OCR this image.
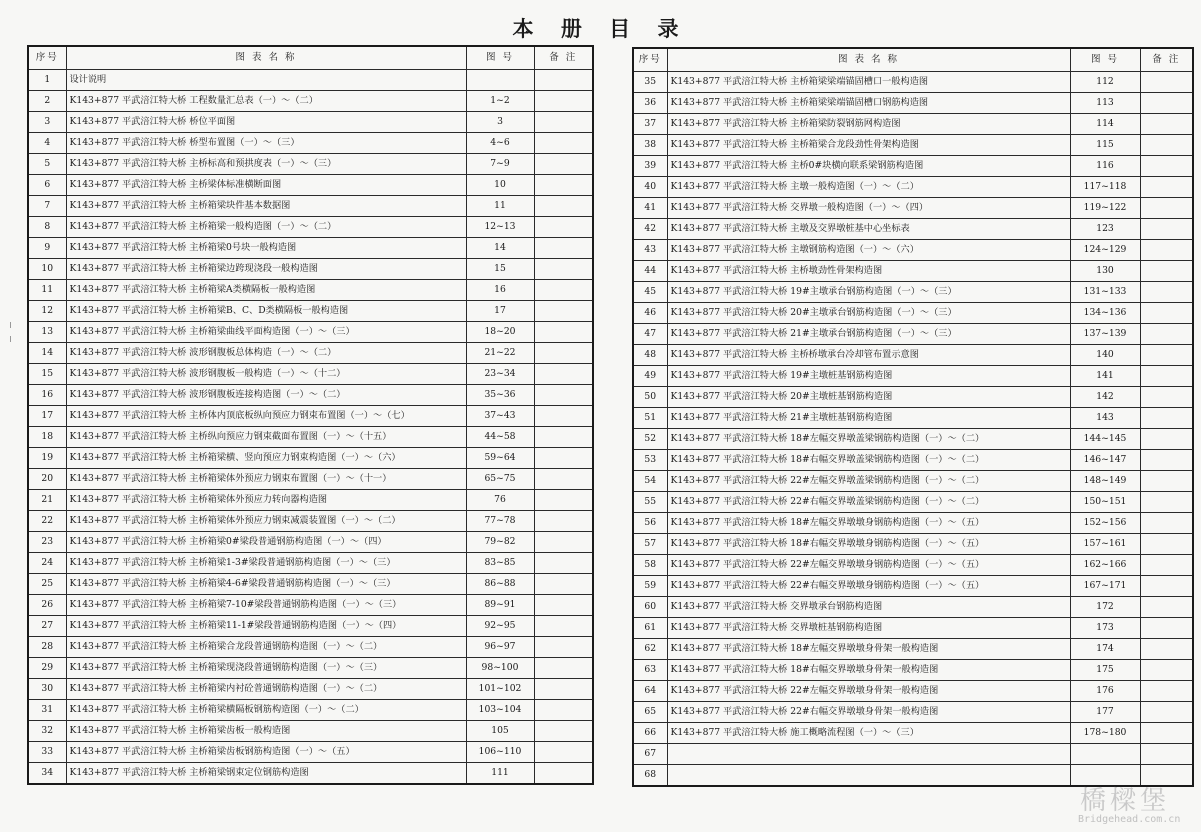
本 册 目 录
序号	图 表 名 称	图 号	备 注
1	设计说明		
2	K143+877 平武涪江特大桥 工程数量汇总表（一）～（二）	1~2	
3	K143+877 平武涪江特大桥 桥位平面图	3	
4	K143+877 平武涪江特大桥 桥型布置图（一）～（三）	4~6	
5	K143+877 平武涪江特大桥 主桥标高和预拱度表（一）～（三）	7~9	
6	K143+877 平武涪江特大桥 主桥梁体标准横断面图	10	
7	K143+877 平武涪江特大桥 主桥箱梁块件基本数据图	11	
8	K143+877 平武涪江特大桥 主桥箱梁一般构造图（一）～（二）	12~13	
9	K143+877 平武涪江特大桥 主桥箱梁0号块一般构造图	14	
10	K143+877 平武涪江特大桥 主桥箱梁边跨现浇段一般构造图	15	
11	K143+877 平武涪江特大桥 主桥箱梁A类横隔板一般构造图	16	
12	K143+877 平武涪江特大桥 主桥箱梁B、C、D类横隔板一般构造图	17	
13	K143+877 平武涪江特大桥 主桥箱梁曲线平面构造图（一）～（三）	18~20	
14	K143+877 平武涪江特大桥 波形钢腹板总体构造（一）～（二）	21~22	
15	K143+877 平武涪江特大桥 波形钢腹板一般构造（一）～（十二）	23~34	
16	K143+877 平武涪江特大桥 波形钢腹板连接构造图（一）～（二）	35~36	
17	K143+877 平武涪江特大桥 主桥体内顶底板纵向预应力钢束布置图（一）～（七）	37~43	
18	K143+877 平武涪江特大桥 主桥纵向预应力钢束截面布置图（一）～（十五）	44~58	
19	K143+877 平武涪江特大桥 主桥箱梁横、竖向预应力钢束构造图（一）～（六）	59~64	
20	K143+877 平武涪江特大桥 主桥箱梁体外预应力钢束布置图（一）～（十一）	65~75	
21	K143+877 平武涪江特大桥 主桥箱梁体外预应力转向器构造图	76	
22	K143+877 平武涪江特大桥 主桥箱梁体外预应力钢束减震装置图（一）～（二）	77~78	
23	K143+877 平武涪江特大桥 主桥箱梁0#梁段普通钢筋构造图（一）～（四）	79~82	
24	K143+877 平武涪江特大桥 主桥箱梁1-3#梁段普通钢筋构造图（一）～（三）	83~85	
25	K143+877 平武涪江特大桥 主桥箱梁4-6#梁段普通钢筋构造图（一）～（三）	86~88	
26	K143+877 平武涪江特大桥 主桥箱梁7-10#梁段普通钢筋构造图（一）～（三）	89~91	
27	K143+877 平武涪江特大桥 主桥箱梁11-1#梁段普通钢筋构造图（一）～（四）	92~95	
28	K143+877 平武涪江特大桥 主桥箱梁合龙段普通钢筋构造图（一）～（二）	96~97	
29	K143+877 平武涪江特大桥 主桥箱梁现浇段普通钢筋构造图（一）～（三）	98~100	
30	K143+877 平武涪江特大桥 主桥箱梁内衬砼普通钢筋构造图（一）～（二）	101~102	
31	K143+877 平武涪江特大桥 主桥箱梁横隔板钢筋构造图（一）～（二）	103~104	
32	K143+877 平武涪江特大桥 主桥箱梁齿板一般构造图	105	
33	K143+877 平武涪江特大桥 主桥箱梁齿板钢筋构造图（一）～（五）	106~110	
34	K143+877 平武涪江特大桥 主桥箱梁钢束定位钢筋构造图	111	
序号	图 表 名 称	图 号	备 注
35	K143+877 平武涪江特大桥 主桥箱梁梁端锚固槽口一般构造图	112	
36	K143+877 平武涪江特大桥 主桥箱梁梁端锚固槽口钢筋构造图	113	
37	K143+877 平武涪江特大桥 主桥箱梁防裂钢筋网构造图	114	
38	K143+877 平武涪江特大桥 主桥箱梁合龙段劲性骨架构造图	115	
39	K143+877 平武涪江特大桥 主桥0#块横向联系梁钢筋构造图	116	
40	K143+877 平武涪江特大桥 主墩一般构造图（一）～（二）	117~118	
41	K143+877 平武涪江特大桥 交界墩一般构造图（一）～（四）	119~122	
42	K143+877 平武涪江特大桥 主墩及交界墩桩基中心坐标表	123	
43	K143+877 平武涪江特大桥 主墩钢筋构造图（一）～（六）	124~129	
44	K143+877 平武涪江特大桥 主桥墩劲性骨架构造图	130	
45	K143+877 平武涪江特大桥 19#主墩承台钢筋构造图（一）～（三）	131~133	
46	K143+877 平武涪江特大桥 20#主墩承台钢筋构造图（一）～（三）	134~136	
47	K143+877 平武涪江特大桥 21#主墩承台钢筋构造图（一）～（三）	137~139	
48	K143+877 平武涪江特大桥 主桥桥墩承台冷却管布置示意图	140	
49	K143+877 平武涪江特大桥 19#主墩桩基钢筋构造图	141	
50	K143+877 平武涪江特大桥 20#主墩桩基钢筋构造图	142	
51	K143+877 平武涪江特大桥 21#主墩桩基钢筋构造图	143	
52	K143+877 平武涪江特大桥 18#左幅交界墩盖梁钢筋构造图（一）～（二）	144~145	
53	K143+877 平武涪江特大桥 18#右幅交界墩盖梁钢筋构造图（一）～（二）	146~147	
54	K143+877 平武涪江特大桥 22#左幅交界墩盖梁钢筋构造图（一）～（二）	148~149	
55	K143+877 平武涪江特大桥 22#右幅交界墩盖梁钢筋构造图（一）～（二）	150~151	
56	K143+877 平武涪江特大桥 18#左幅交界墩墩身钢筋构造图（一）～（五）	152~156	
57	K143+877 平武涪江特大桥 18#右幅交界墩墩身钢筋构造图（一）～（五）	157~161	
58	K143+877 平武涪江特大桥 22#左幅交界墩墩身钢筋构造图（一）～（五）	162~166	
59	K143+877 平武涪江特大桥 22#右幅交界墩墩身钢筋构造图（一）～（五）	167~171	
60	K143+877 平武涪江特大桥 交界墩承台钢筋构造图	172	
61	K143+877 平武涪江特大桥 交界墩桩基钢筋构造图	173	
62	K143+877 平武涪江特大桥 18#左幅交界墩墩身骨架一般构造图	174	
63	K143+877 平武涪江特大桥 18#右幅交界墩墩身骨架一般构造图	175	
64	K143+877 平武涪江特大桥 22#左幅交界墩墩身骨架一般构造图	176	
65	K143+877 平武涪江特大桥 22#右幅交界墩墩身骨架一般构造图	177	
66	K143+877 平武涪江特大桥 施工概略流程图（一）～（三）	178~180	
67			
68			
橋樑堡
Bridgehead.com.cn
